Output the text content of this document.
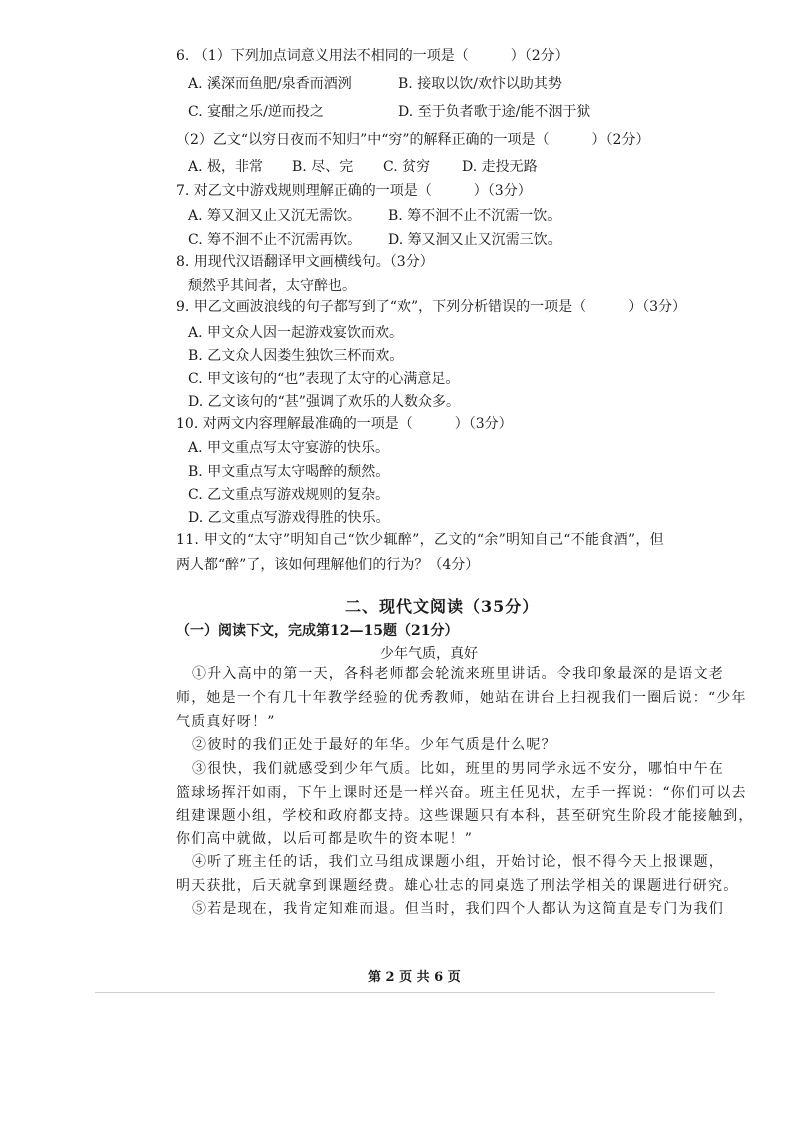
6. （1）下列加点词意义用法不相同的一项是（　　　）（2分）
A. 溪深而鱼肥/泉香而酒洌	B. 接取以饮/欢忭以助其势
C. 宴酣之乐/逆而投之	D. 至于负者歌于途/能不洇于狱
（2）乙文“以穷日夜而不知归”中“穷”的解释正确的一项是（　　　）（2分）
A. 极，非常 B. 尽、完 C. 贫穷 D. 走投无路
7. 对乙文中游戏规则理解正确的一项是（　　　）（3分）
A. 筹又洄又止又沉无需饮。 B. 筹不洄不止不沉需一饮。
C. 筹不洄不止不沉需再饮。 D. 筹又洄又止又沉需三饮。
8. 用现代汉语翻译甲文画横线句。（3分）
颓然乎其间者，太守醉也。
9. 甲乙文画波浪线的句子都写到了“欢”，下列分析错误的一项是（　　　）（3分）
A. 甲文众人因一起游戏宴饮而欢。
B. 乙文众人因娄生独饮三杯而欢。
C. 甲文该句的“也”表现了太守的心满意足。
D. 乙文该句的“甚”强调了欢乐的人数众多。
10. 对两文内容理解最准确的一项是（　　　）（3分）
A. 甲文重点写太守宴游的快乐。
B. 甲文重点写太守喝醉的颓然。
C. 乙文重点写游戏规则的复杂。
D. 乙文重点写游戏得胜的快乐。
11. 甲文的“太守”明知自己“饮少辄醉”，乙文的“余”明知自己“不能食酒”，但
两人都“醉”了，该如何理解他们的行为？（4分）
二、现代文阅读（35分）
（一）阅读下文，完成第12—15题（21分）
少年气质，真好
①升入高中的第一天，各科老师都会轮流来班里讲话。令我印象最深的是语文老
师，她是一个有几十年教学经验的优秀教师，她站在讲台上扫视我们一圈后说：“少年
气质真好呀！”
②彼时的我们正处于最好的年华。少年气质是什么呢？
③很快，我们就感受到少年气质。比如，班里的男同学永远不安分，哪怕中午在
篮球场挥汗如雨，下午上课时还是一样兴奋。班主任见状，左手一挥说：“你们可以去
组建课题小组，学校和政府都支持。这些课题只有本科，甚至研究生阶段才能接触到，
你们高中就做，以后可都是吹牛的资本呢！”
④听了班主任的话，我们立马组成课题小组，开始讨论，恨不得今天上报课题，
明天获批，后天就拿到课题经费。雄心壮志的同桌选了刑法学相关的课题进行研究。
⑤若是现在，我肯定知难而退。但当时，我们四个人都认为这简直是专门为我们
第 2 页 共 6 页
